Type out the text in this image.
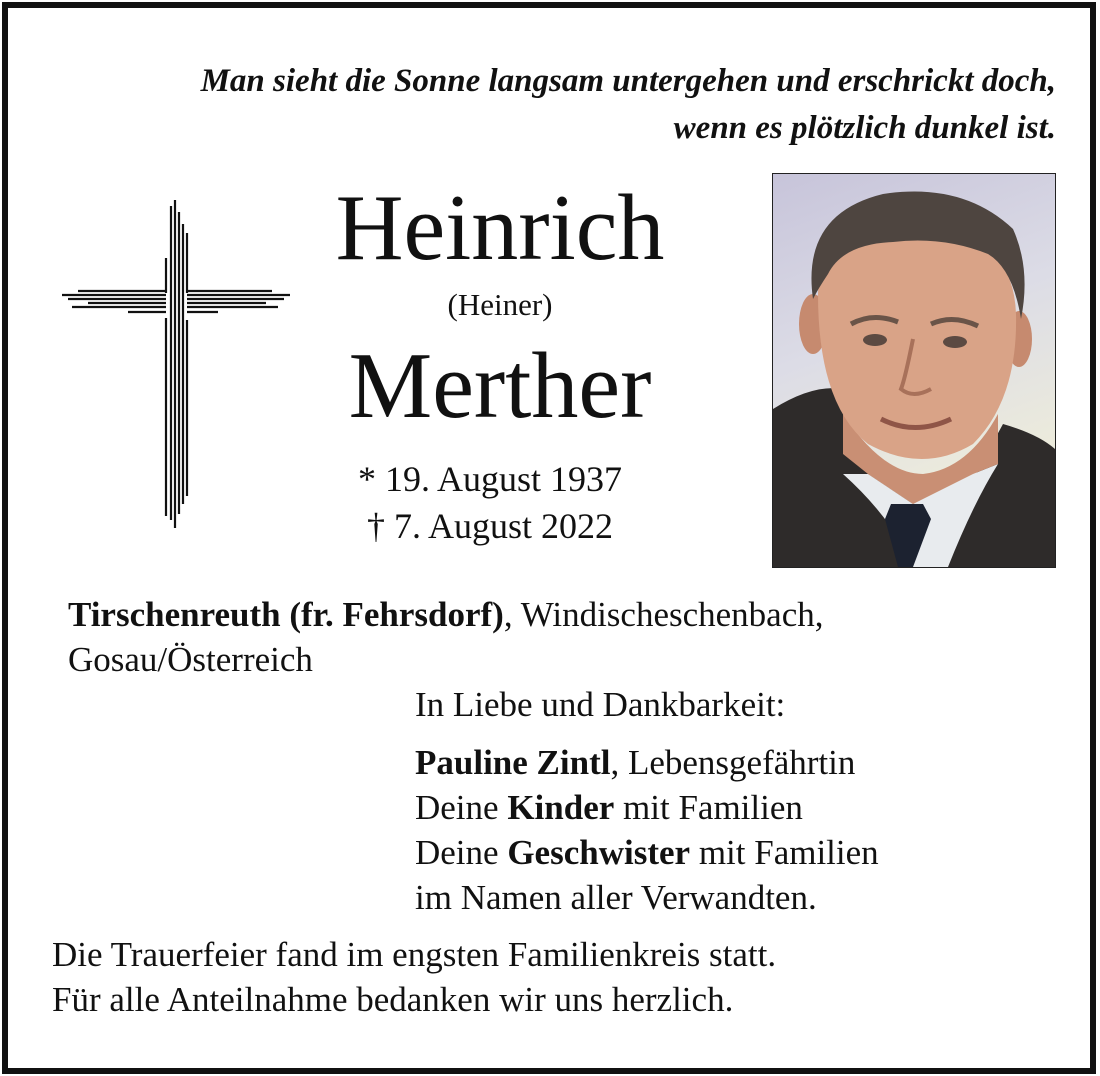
Man sieht die Sonne langsam untergehen und erschrickt doch,
wenn es plötzlich dunkel ist.
Heinrich
(Heiner)
Merther
* 19. August 1937
† 7. August 2022
Tirschenreuth (fr. Fehrsdorf), Windischeschenbach,
Gosau/Österreich
In Liebe und Dankbarkeit:
Pauline Zintl, Lebensgefährtin
Deine Kinder mit Familien
Deine Geschwister mit Familien
im Namen aller Verwandten.
Die Trauerfeier fand im engsten Familienkreis statt.
Für alle Anteilnahme bedanken wir uns herzlich.
